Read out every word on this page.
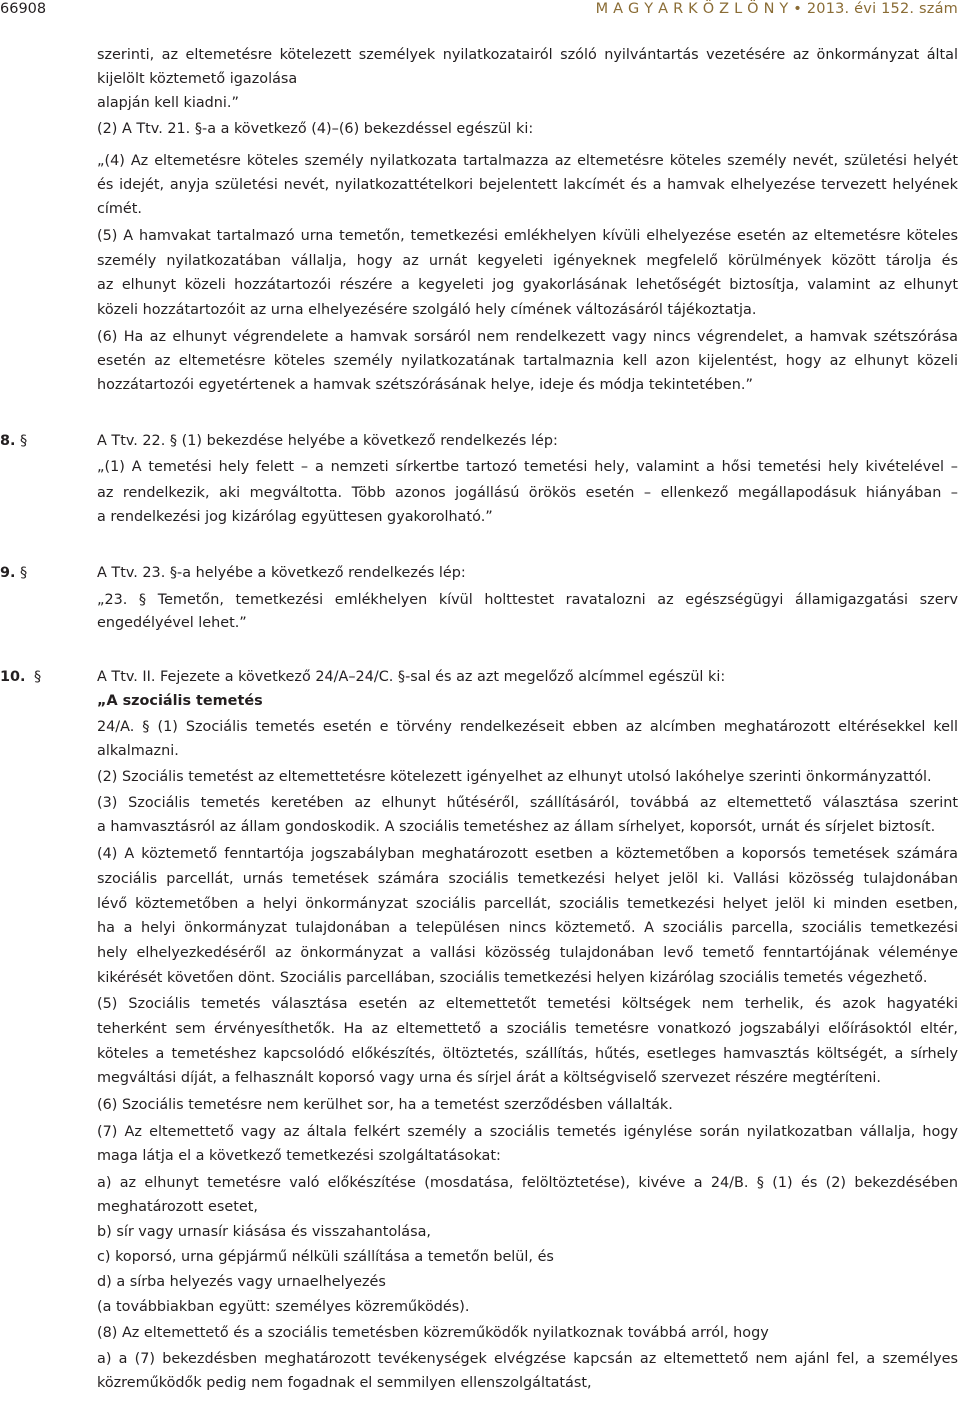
66908	M A G Y A R K Ö Z L Ö N Y • 2013. évi 152. szám

szerinti, az eltemetésre kötelezett személyek nyilatkozatairól szóló nyilvántartás vezetésére az önkormányzat által

kijelölt köztemető igazolása

alapján kell kiadni.”

(2) A Ttv. 21. §-a a következő (4)–(6) bekezdéssel egészül ki:

„(4) Az eltemetésre köteles személy nyilatkozata tartalmazza az eltemetésre köteles személy nevét, születési helyét

és idejét, anyja születési nevét, nyilatkozattételkori bejelentett lakcímét és a hamvak elhelyezése tervezett helyének

címét.

(5) A hamvakat tartalmazó urna temetőn, temetkezési emlékhelyen kívüli elhelyezése esetén az eltemetésre köteles

személy nyilatkozatában vállalja, hogy az urnát kegyeleti igényeknek megfelelő körülmények között tárolja és

az elhunyt közeli hozzátartozói részére a kegyeleti jog gyakorlásának lehetőségét biztosítja, valamint az elhunyt

közeli hozzátartozóit az urna elhelyezésére szolgáló hely címének változásáról tájékoztatja.

(6) Ha az elhunyt végrendelete a hamvak sorsáról nem rendelkezett vagy nincs végrendelet, a hamvak szétszórása

esetén az eltemetésre köteles személy nyilatkozatának tartalmaznia kell azon kijelentést, hogy az elhunyt közeli

hozzátartozói egyetértenek a hamvak szétszórásának helye, ideje és módja tekintetében.”

8. §	A Ttv. 22. § (1) bekezdése helyébe a következő rendelkezés lép:

„(1) A temetési hely felett – a nemzeti sírkertbe tartozó temetési hely, valamint a hősi temetési hely kivételével –

az rendelkezik, aki megváltotta. Több azonos jogállású örökös esetén – ellenkező megállapodásuk hiányában –

a rendelkezési jog kizárólag együttesen gyakorolható.”

9. §	A Ttv. 23. §-a helyébe a következő rendelkezés lép:

„23. § Temetőn, temetkezési emlékhelyen kívül holttestet ravatalozni az egészségügyi államigazgatási szerv

engedélyével lehet.”

10. §	A Ttv. II. Fejezete a következő 24/A–24/C. §-sal és az azt megelőző alcímmel egészül ki:

„A szociális temetés

24/A. § (1) Szociális temetés esetén e törvény rendelkezéseit ebben az alcímben meghatározott eltérésekkel kell

alkalmazni.

(2) Szociális temetést az eltemettetésre kötelezett igényelhet az elhunyt utolsó lakóhelye szerinti önkormányzattól.

(3) Szociális temetés keretében az elhunyt hűtéséről, szállításáról, továbbá az eltemettető választása szerint

a hamvasztásról az állam gondoskodik. A szociális temetéshez az állam sírhelyet, koporsót, urnát és sírjelet biztosít.

(4) A köztemető fenntartója jogszabályban meghatározott esetben a köztemetőben a koporsós temetések számára

szociális parcellát, urnás temetések számára szociális temetkezési helyet jelöl ki. Vallási közösség tulajdonában

lévő köztemetőben a helyi önkormányzat szociális parcellát, szociális temetkezési helyet jelöl ki minden esetben,

ha a helyi önkormányzat tulajdonában a településen nincs köztemető. A szociális parcella, szociális temetkezési

hely elhelyezkedéséről az önkormányzat a vallási közösség tulajdonában levő temető fenntartójának véleménye

kikérését követően dönt. Szociális parcellában, szociális temetkezési helyen kizárólag szociális temetés végezhető.

(5) Szociális temetés választása esetén az eltemettetőt temetési költségek nem terhelik, és azok hagyatéki

teherként sem érvényesíthetők. Ha az eltemettető a szociális temetésre vonatkozó jogszabályi előírásoktól eltér,

köteles a temetéshez kapcsolódó előkészítés, öltöztetés, szállítás, hűtés, esetleges hamvasztás költségét, a sírhely

megváltási díját, a felhasznált koporsó vagy urna és sírjel árát a költségviselő szervezet részére megtéríteni.

(6) Szociális temetésre nem kerülhet sor, ha a temetést szerződésben vállalták.

(7) Az eltemettető vagy az általa felkért személy a szociális temetés igénylése során nyilatkozatban vállalja, hogy

maga látja el a következő temetkezési szolgáltatásokat:

a) az elhunyt temetésre való előkészítése (mosdatása, felöltöztetése), kivéve a 24/B. § (1) és (2) bekezdésében

meghatározott esetet,

b) sír vagy urnasír kiásása és visszahantolása,

c) koporsó, urna gépjármű nélküli szállítása a temetőn belül, és

d) a sírba helyezés vagy urnaelhelyezés

(a továbbiakban együtt: személyes közreműködés).

(8) Az eltemettető és a szociális temetésben közreműködők nyilatkoznak továbbá arról, hogy

a) a (7) bekezdésben meghatározott tevékenységek elvégzése kapcsán az eltemettető nem ajánl fel, a személyes

közreműködők pedig nem fogadnak el semmilyen ellenszolgáltatást,
